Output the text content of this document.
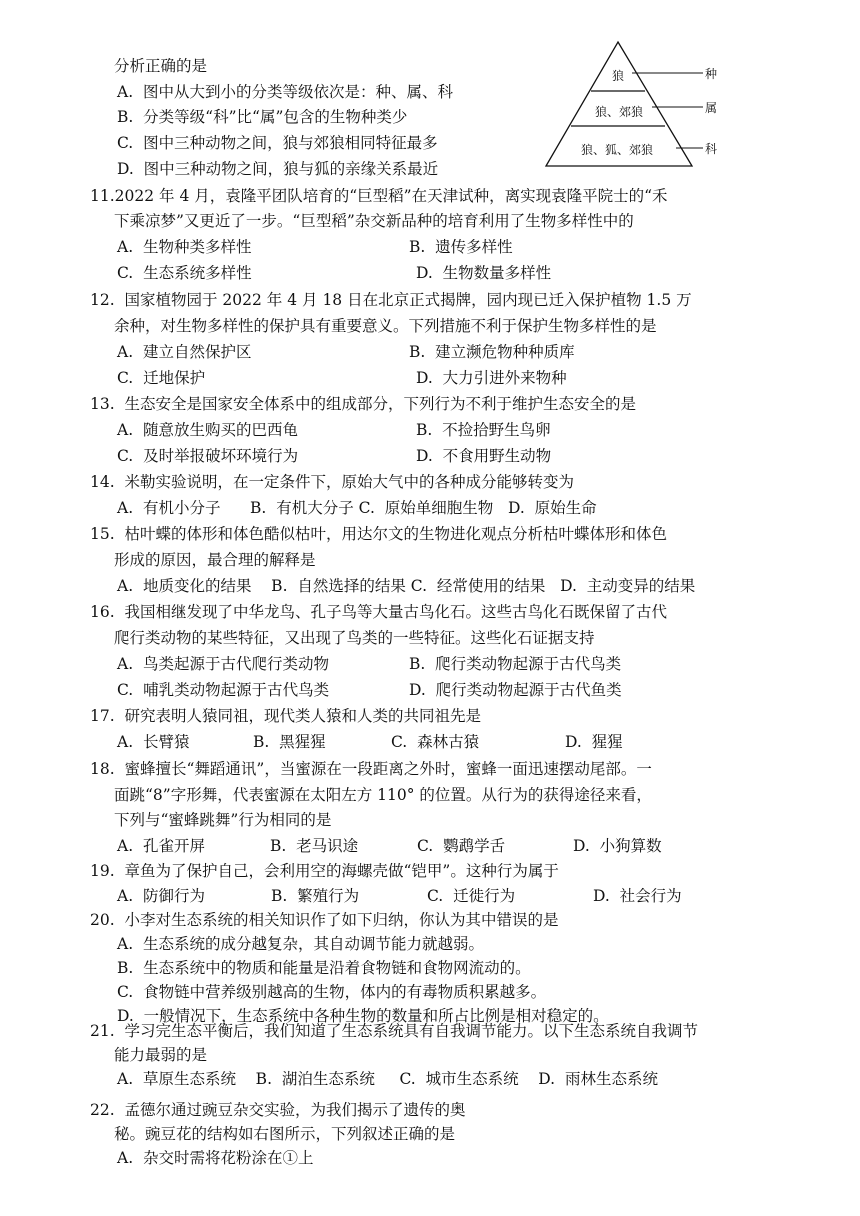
分析正确的是
A.  图中从大到小的分类等级依次是：种、属、科
B.  分类等级“科”比“属”包含的生物种类少
C.  图中三种动物之间，狼与郊狼相同特征最多
D.  图中三种动物之间，狼与狐的亲缘关系最近
狼
狼、郊狼
狼、狐、郊狼
种
属
科
11.2022 年 4 月，袁隆平团队培育的“巨型稻”在天津试种，离实现袁隆平院士的“禾
下乘凉梦”又更近了一步。“巨型稻”杂交新品种的培育利用了生物多样性中的
A.  生物种类多样性	B.  遗传多样性
C.  生态系统多样性	D.  生物数量多样性
12.  国家植物园于 2022 年 4 月 18 日在北京正式揭牌，园内现已迁入保护植物 1.5 万
余种，对生物多样性的保护具有重要意义。下列措施不利于保护生物多样性的是
A.  建立自然保护区	B.  建立濒危物种种质库
C.  迁地保护	D.  大力引进外来物种
13.  生态安全是国家安全体系中的组成部分，下列行为不利于维护生态安全的是
A.  随意放生购买的巴西龟	B.  不捡拾野生鸟卵
C.  及时举报破坏环境行为	D.  不食用野生动物
14.  米勒实验说明，在一定条件下，原始大气中的各种成分能够转变为
A.  有机小分子      B.  有机大分子 C.  原始单细胞生物   D.  原始生命
15.  枯叶蝶的体形和体色酷似枯叶，用达尔文的生物进化观点分析枯叶蝶体形和体色
形成的原因，最合理的解释是
A.  地质变化的结果    B.  自然选择的结果 C.  经常使用的结果   D.  主动变异的结果
16.  我国相继发现了中华龙鸟、孔子鸟等大量古鸟化石。这些古鸟化石既保留了古代
爬行类动物的某些特征，又出现了鸟类的一些特征。这些化石证据支持
A.  鸟类起源于古代爬行类动物	B.  爬行类动物起源于古代鸟类
C.  哺乳类动物起源于古代鸟类	D.  爬行类动物起源于古代鱼类
17.  研究表明人猿同祖，现代类人猿和人类的共同祖先是
A.  长臂猿	B.  黑猩猩	C.  森林古猿	D.  猩猩
18.  蜜蜂擅长“舞蹈通讯”，当蜜源在一段距离之外时，蜜蜂一面迅速摆动尾部。一
面跳“8”字形舞，代表蜜源在太阳左方 110° 的位置。从行为的获得途径来看，
下列与“蜜蜂跳舞”行为相同的是
A.  孔雀开屏	B.  老马识途	C.  鹦鹉学舌	D.  小狗算数
19.  章鱼为了保护自己，会利用空的海螺壳做“铠甲”。这种行为属于
A.  防御行为	B.  繁殖行为	C.  迁徙行为	D.  社会行为
20.  小李对生态系统的相关知识作了如下归纳，你认为其中错误的是
A.  生态系统的成分越复杂，其自动调节能力就越弱。
B.  生态系统中的物质和能量是沿着食物链和食物网流动的。
C.  食物链中营养级别越高的生物，体内的有毒物质积累越多。
D.  一般情况下，生态系统中各种生物的数量和所占比例是相对稳定的。
21.  学习完生态平衡后，我们知道了生态系统具有自我调节能力。以下生态系统自我调节
能力最弱的是
A.  草原生态系统    B.  湖泊生态系统     C.  城市生态系统    D.  雨林生态系统
22.  孟德尔通过豌豆杂交实验，为我们揭示了遗传的奥
秘。豌豆花的结构如右图所示，下列叙述正确的是
A.  杂交时需将花粉涂在①上
